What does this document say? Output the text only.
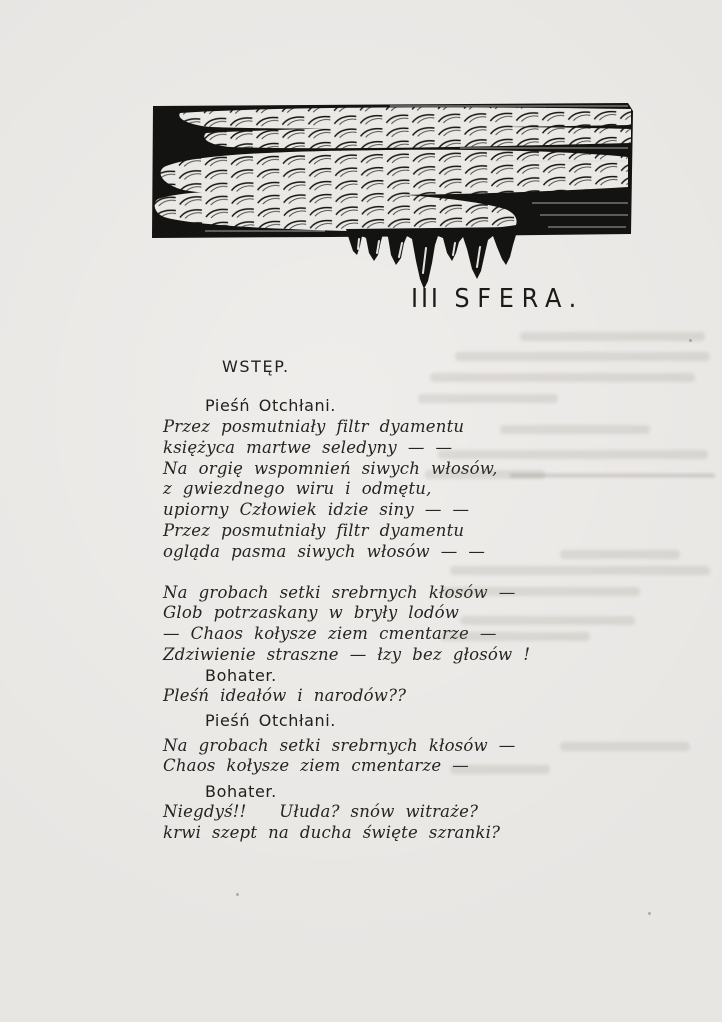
III SFERA.
WSTĘP.
Pieśń Otchłani.
Przez posmutniały filtr dyamentu
księżyca martwe seledyny — —
Na orgię wspomnień siwych włosów,
z gwiezdnego wiru i odmętu,
upiorny Człowiek idzie siny — —
Przez posmutniały filtr dyamentu
ogląda pasma siwych włosów — —
Na grobach setki srebrnych kłosów —
Glob potrzaskany w bryły lodów
— Chaos kołysze ziem cmentarze —
Zdziwienie straszne — łzy bez głosów !
Bohater.
Pleśń ideałów i narodów??
Pieśń Otchłani.
Na grobach setki srebrnych kłosów —
Chaos kołysze ziem cmentarze —
Bohater.
Niegdyś!!   Ułuda? snów witraże?
krwi szept na ducha święte szranki?
